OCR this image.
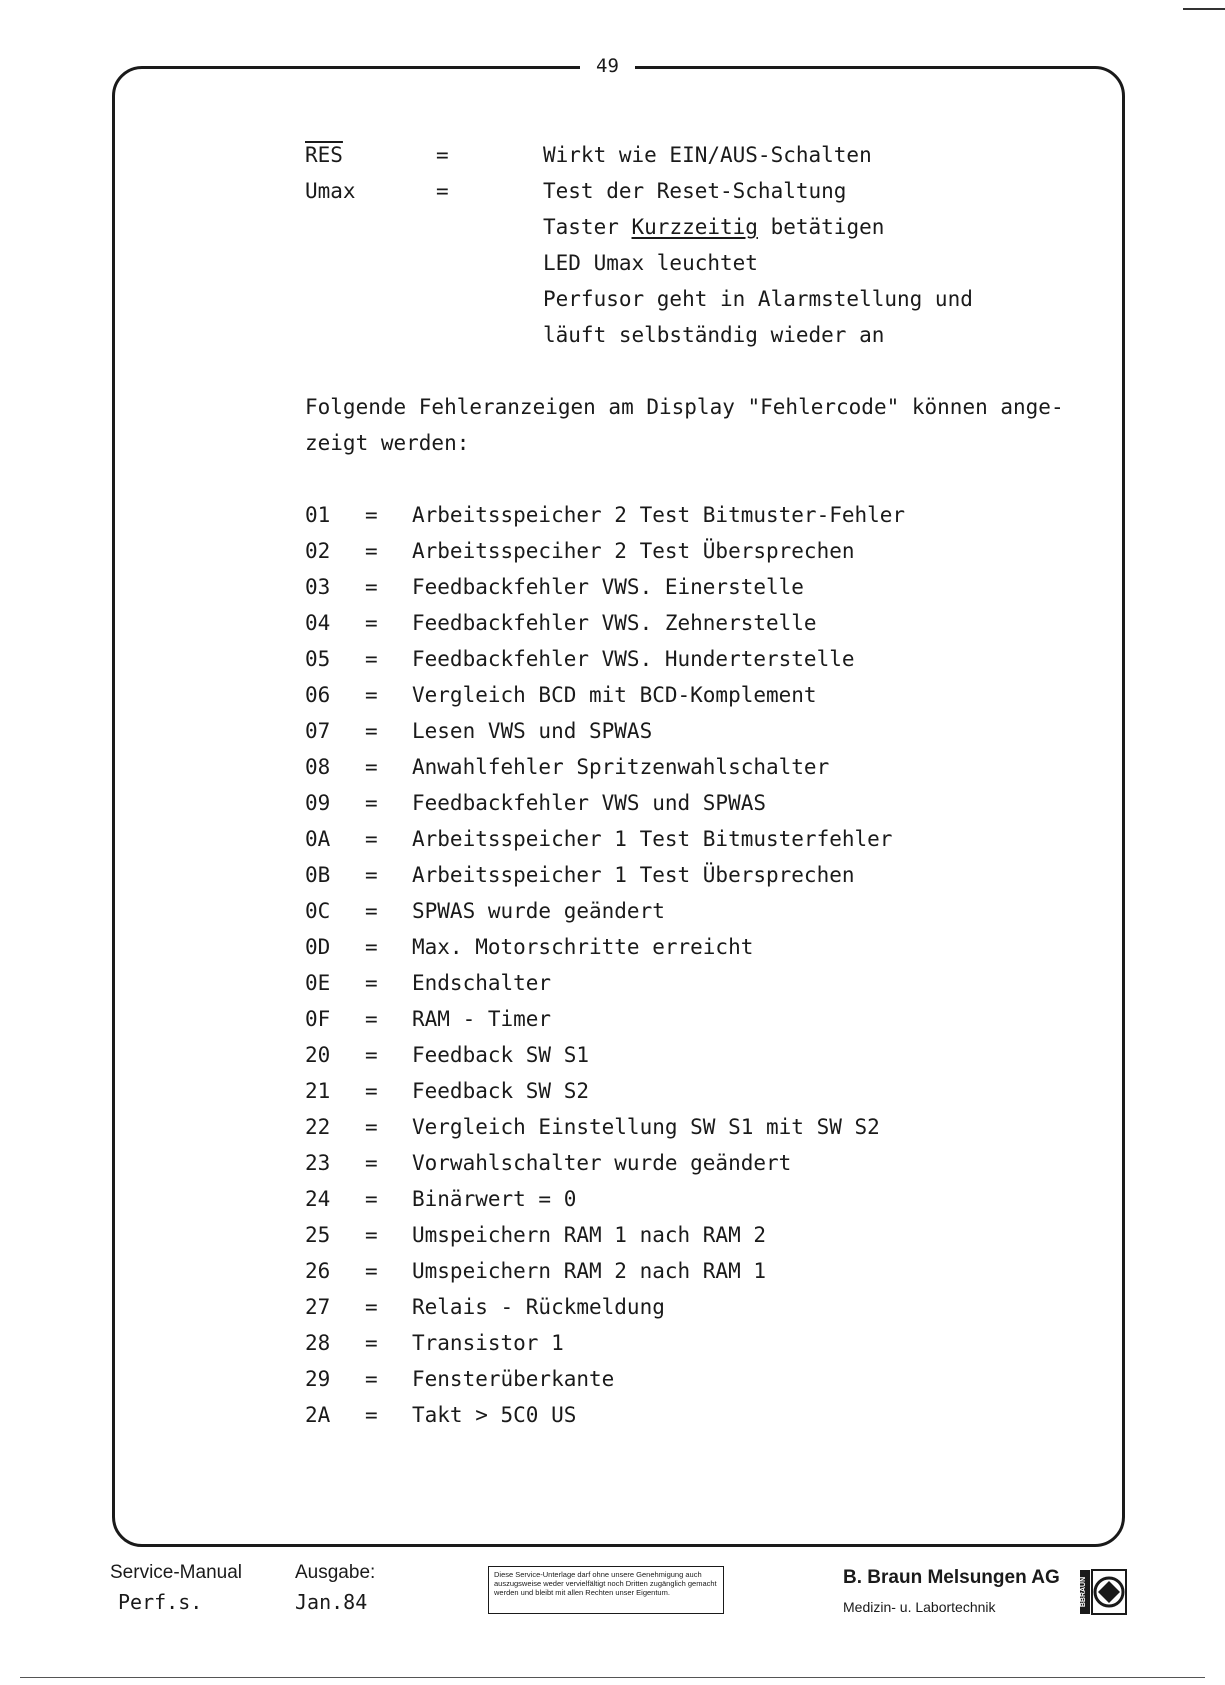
49
$\overline{RES}$	=	Wirkt wie EIN/AUS-Schalten
Umax	=	Test der Reset-Schaltung
Taster Kurzzeitig betätigen
LED Umax leuchtet
Perfusor geht in Alarmstellung und
läuft selbständig wieder an
Folgende Fehleranzeigen am Display "Fehlercode" können ange-
zeigt werden:
01 = Arbeitsspeicher 2 Test Bitmuster-Fehler
02 = Arbeitsspeciher 2 Test Übersprechen
03 = Feedbackfehler VWS. Einerstelle
04 = Feedbackfehler VWS. Zehnerstelle
05 = Feedbackfehler VWS. Hunderterstelle
06 = Vergleich BCD mit BCD-Komplement
07 = Lesen VWS und SPWAS
08 = Anwahlfehler Spritzenwahlschalter
09 = Feedbackfehler VWS und SPWAS
0A = Arbeitsspeicher 1 Test Bitmusterfehler
0B = Arbeitsspeicher 1 Test Übersprechen
0C = SPWAS wurde geändert
0D = Max. Motorschritte erreicht
0E = Endschalter
0F = RAM - Timer
20 = Feedback SW S1
21 = Feedback SW S2
22 = Vergleich Einstellung SW S1 mit SW S2
23 = Vorwahlschalter wurde geändert
24 = Binärwert = 0
25 = Umspeichern RAM 1 nach RAM 2
26 = Umspeichern RAM 2 nach RAM 1
27 = Relais - Rückmeldung
28 = Transistor 1
29 = Fensterüberkante
2A = Takt > 5C0 US
Service-Manual
Perf.s.
Ausgabe:
Jan.84
Diese Service-Unterlage darf ohne unsere Genehmigung auch auszugsweise weder vervielfältigt noch Dritten zugänglich gemacht werden und bleibt mit allen Rechten unser Eigentum.
B. Braun Melsungen AG
Medizin- u. Labortechnik	BBRAUN
